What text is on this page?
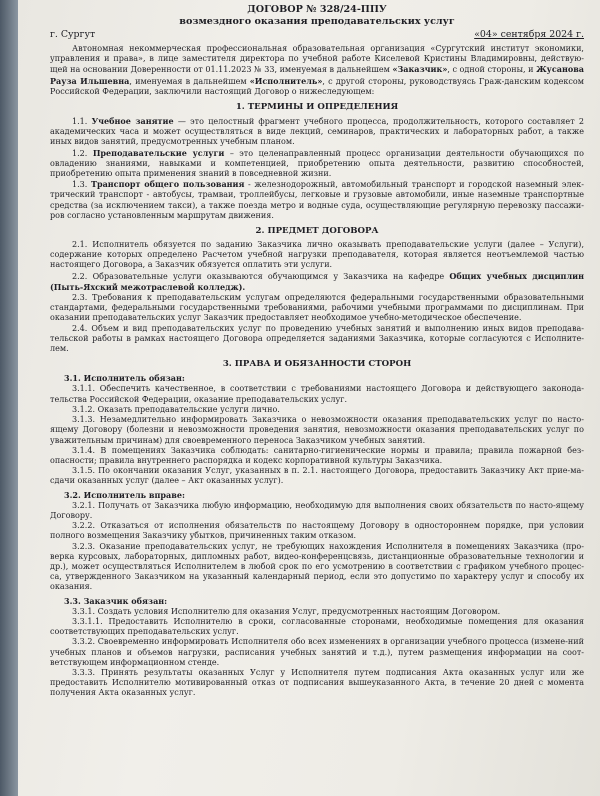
ДОГОВОР № 328/24-ППУ
возмездного оказания преподавательских услуг
г. Сургут	«04» сентября 2024 г.

Автономная некоммерческая профессиональная образовательная организация «Сургутский институт экономики, управления и права», в лице заместителя директора по учебной работе Киселевой Кристины Владимировны, действую-щей на основании Доверенности от 01.11.2023 № 33, именуемая в дальнейшем «Заказчик», с одной стороны, и Жусанова Рауза Ильшевна, именуемая в дальнейшем «Исполнитель», с другой стороны, руководствуясь Граж-данским кодексом Российской Федерации, заключили настоящий Договор о нижеследующем:

1. ТЕРМИНЫ И ОПРЕДЕЛЕНИЯ

1.1. Учебное занятие — это целостный фрагмент учебного процесса, продолжительность, которого составляет 2 академических часа и может осуществляться в виде лекций, семинаров, практических и лабораторных работ, а также иных видов занятий, предусмотренных учебным планом.

1.2. Преподавательские услуги – это целенаправленный процесс организации деятельности обучающихся по овладению знаниями, навыками и компетенцией, приобретению опыта деятельности, развитию способностей, приобретению опыта применения знаний в повседневной жизни.

1.3. Транспорт общего пользования - железнодорожный, автомобильный транспорт и городской наземный элек-трический транспорт - автобусы, трамваи, троллейбусы, легковые и грузовые автомобили, иные наземные транспортные средства (за исключением такси), а также поезда метро и водные суда, осуществляющие регулярную перевозку пассажи-ров согласно установленным маршрутам движения.

2. ПРЕДМЕТ ДОГОВОРА

2.1. Исполнитель обязуется по заданию Заказчика лично оказывать преподавательские услуги (далее – Услуги), содержание которых определено Расчетом учебной нагрузки преподавателя, которая является неотъемлемой частью настоящего Договора, а Заказчик обязуется оплатить эти услуги.

2.2. Образовательные услуги оказываются обучающимся у Заказчика на кафедре Общих учебных дисциплин (Пыть-Яхский межотраслевой колледж).

2.3. Требования к преподавательским услугам определяются федеральными государственными образовательными стандартами, федеральными государственными требованиями, рабочими учебными программами по дисциплинам. При оказании преподавательских услуг Заказчик предоставляет необходимое учебно-методическое обеспечение.

2.4. Объем и вид преподавательских услуг по проведению учебных занятий и выполнению иных видов преподава-тельской работы в рамках настоящего Договора определяется заданиями Заказчика, которые согласуются с Исполните-лем.

3. ПРАВА И ОБЯЗАННОСТИ СТОРОН
3.1. Исполнитель обязан:

3.1.1. Обеспечить качественное, в соответствии с требованиями настоящего Договора и действующего законода-тельства Российской Федерации, оказание преподавательских услуг.

3.1.2. Оказать преподавательские услуги лично.

3.1.3. Незамедлительно информировать Заказчика о невозможности оказания преподавательских услуг по насто-ящему Договору (болезни и невозможности проведения занятия, невозможности оказания преподавательских услуг по уважительным причинам) для своевременного переноса Заказчиком учебных занятий.

3.1.4. В помещениях Заказчика соблюдать: санитарно-гигиенические нормы и правила; правила пожарной без-опасности; правила внутреннего распорядка и кодекс корпоративной культуры Заказчика.

3.1.5. По окончании оказания Услуг, указанных в п. 2.1. настоящего Договора, предоставить Заказчику Акт прие-ма-сдачи оказанных услуг (далее – Акт оказанных услуг).

3.2. Исполнитель вправе:

3.2.1. Получать от Заказчика любую информацию, необходимую для выполнения своих обязательств по насто-ящему Договору.

3.2.2. Отказаться от исполнения обязательств по настоящему Договору в одностороннем порядке, при условии полного возмещения Заказчику убытков, причиненных таким отказом.

3.2.3. Оказание преподавательских услуг, не требующих нахождения Исполнителя в помещениях Заказчика (про-верка курсовых, лабораторных, дипломных работ, видео-конференцсвязь, дистанционные образовательные технологии и др.), может осуществляться Исполнителем в любой срок по его усмотрению в соответствии с графиком учебного процес-са, утвержденного Заказчиком на указанный календарный период, если это допустимо по характеру услуг и способу их оказания.

3.3. Заказчик обязан:

3.3.1. Создать условия Исполнителю для оказания Услуг, предусмотренных настоящим Договором.

3.3.1.1. Предоставить Исполнителю в сроки, согласованные сторонами, необходимые помещения для оказания соответствующих преподавательских услуг.

3.3.2. Своевременно информировать Исполнителя обо всех изменениях в организации учебного процесса (измене-ний учебных планов и объемов нагрузки, расписания учебных занятий и т.д.), путем размещения информации на соот-ветствующем информационном стенде.

3.3.3. Принять результаты оказанных Услуг у Исполнителя путем подписания Акта оказанных услуг или же предоставить Исполнителю мотивированный отказ от подписания вышеуказанного Акта, в течение 20 дней с момента получения Акта оказанных услуг.
